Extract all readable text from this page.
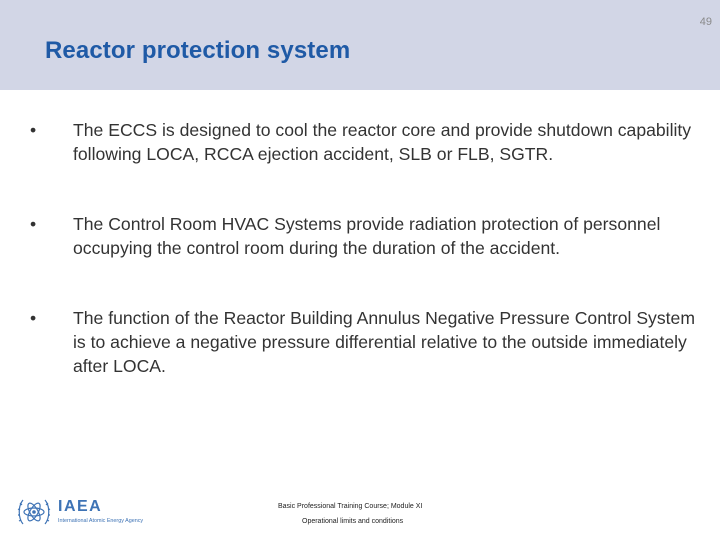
49
Reactor protection system
•	The ECCS is designed to cool the reactor core and provide shutdown capability following LOCA, RCCA ejection accident, SLB or FLB, SGTR.
•	The Control Room HVAC Systems provide radiation protection of personnel occupying the control room during the duration of the accident.
•	The function of the Reactor Building Annulus Negative Pressure Control System is to achieve a negative pressure differential relative to the outside immediately after LOCA.
IAEA
International Atomic Energy Agency
Basic Professional Training Course; Module XI
Operational limits and conditions
